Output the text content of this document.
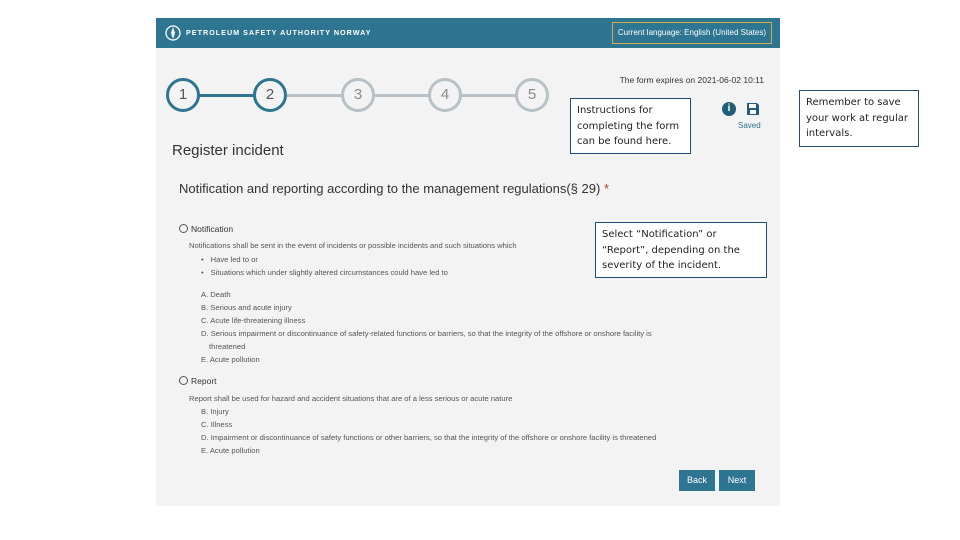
PETROLEUM SAFETY AUTHORITY NORWAY	Current language: English (United States)
The form expires on 2021-06-02 10:11
1	2	3	4	5
i
Saved
Register incident
Notification and reporting according to the management regulations(§ 29) *
Notification
Notifications shall be sent in the event of incidents or possible incidents and such situations which
• Have led to or
• Situations which under slightly altered circumstances could have led to
A. Death
B. Serious and acute injury
C. Acute life-threatening illness
D. Serious impairment or discontinuance of safety-related functions or barriers, so that the integrity of the offshore or onshore facility is
threatened
E. Acute pollution
Report
Report shall be used for hazard and accident situations that are of a less serious or acute nature
B. Injury
C. Illness
D. Impairment or discontinuance of safety functions or other barriers, so that the integrity of the offshore or onshore facility is threatened
E. Acute pollution
Back	Next
Instructions for completing the form can be found here.
Select “Notification” or “Report”, depending on the severity of the incident.
Remember to save your work at regular intervals.
